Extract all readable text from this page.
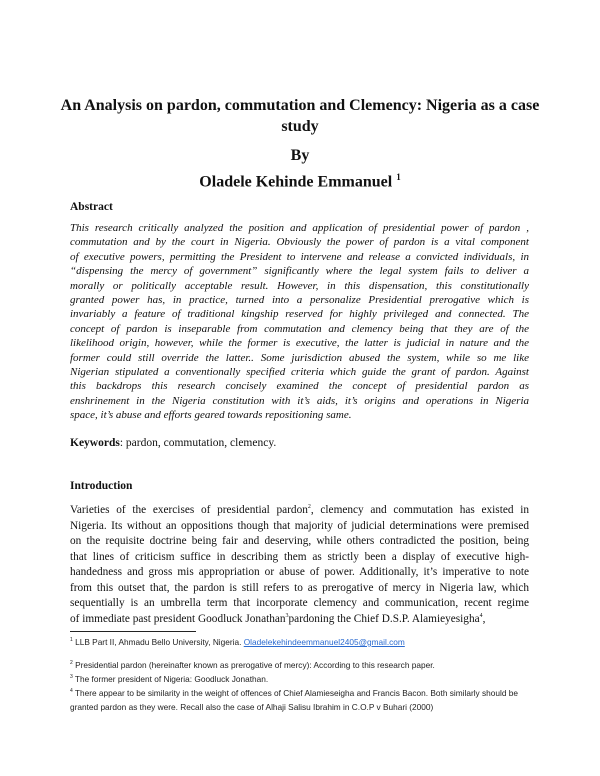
An Analysis on pardon, commutation and Clemency: Nigeria as a case study
By
Oladele Kehinde Emmanuel $^1$
Abstract
This research critically analyzed the position and application of presidential power of pardon ,
commutation and by the court in Nigeria. Obviously the power of pardon is a vital component
of executive powers, permitting the President to intervene and release a convicted individuals, in
“dispensing the mercy of government” significantly where the legal system fails to deliver a
morally or politically acceptable result. However, in this dispensation, this constitutionally
granted power has, in practice, turned into a personalize Presidential prerogative which is
invariably a feature of traditional kingship reserved for highly privileged and connected. The
concept of pardon is inseparable from commutation and clemency being that they are of the
likelihood origin, however, while the former is executive, the latter is judicial in nature and the
former could still override the latter.. Some jurisdiction abused the system, while so me like
Nigerian stipulated a conventionally specified criteria which guide the grant of pardon. Against
this backdrops this research concisely examined the concept of presidential pardon as
enshrinement in the Nigeria constitution with it’s aids, it’s origins and operations in Nigeria
space, it’s abuse and efforts geared towards repositioning same.
Keywords: pardon, commutation, clemency.
Introduction
Varieties of the exercises of presidential pardon$^2$, clemency and commutation has existed in
Nigeria. Its without an oppositions though that majority of judicial determinations were premised
on the requisite doctrine being fair and deserving, while others contradicted the position, being
that lines of criticism suffice in describing them as strictly been a display of executive high-
handedness and gross mis appropriation or abuse of power. Additionally, it’s imperative to note
from this outset that, the pardon is still refers to as prerogative of mercy in Nigeria law, which
sequentially is an umbrella term that incorporate clemency and communication, recent regime
of immediate past president Goodluck Jonathan$^3$pardoning the Chief D.S.P. Alamieyesigha$^4$,
$^1$ LLB Part II, Ahmadu Bello University, Nigeria. Oladelekehindeemmanuel2405@gmail.com
$^2$ Presidential pardon (hereinafter known as prerogative of mercy): According to this research paper.
$^3$ The former president of Nigeria: Goodluck Jonathan.
$^4$ There appear to be similarity in the weight of offences of Chief Alamieseigha and Francis Bacon. Both similarly should be granted pardon as they were. Recall also the case of Alhaji Salisu Ibrahim in C.O.P v Buhari (2000)
